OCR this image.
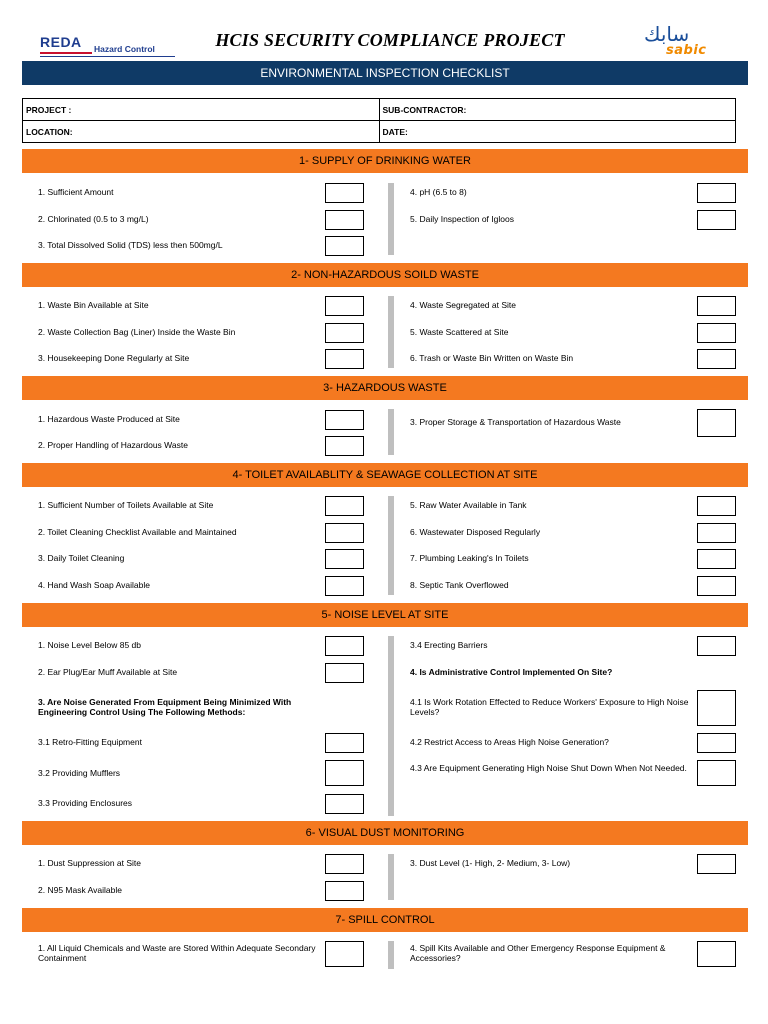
REDA Hazard Control	HCIS SECURITY COMPLIANCE PROJECT	سابك
sabic
ENVIRONMENTAL INSPECTION CHECKLIST
PROJECT :	SUB-CONTRACTOR:
LOCATION:	DATE:
1- SUPPLY OF DRINKING WATER
1. Sufficient Amount
2. Chlorinated (0.5 to 3 mg/L)
3. Total Dissolved Solid (TDS) less then 500mg/L
4. pH (6.5 to 8)
5. Daily Inspection of Igloos
2- NON-HAZARDOUS SOILD WASTE
1. Waste Bin Available at Site
2. Waste Collection Bag (Liner) Inside the Waste Bin
3. Housekeeping Done Regularly at Site
4. Waste Segregated at Site
5. Waste Scattered at Site
6. Trash or Waste Bin Written on Waste Bin
3- HAZARDOUS WASTE
1. Hazardous Waste Produced at Site
2. Proper Handling of Hazardous Waste
3. Proper Storage & Transportation of Hazardous Waste
4- TOILET AVAILABLITY & SEAWAGE COLLECTION AT SITE
1. Sufficient Number of Toilets Available at Site
2. Toilet Cleaning Checklist Available and Maintained
3. Daily Toilet Cleaning
4. Hand Wash Soap Available
5. Raw Water Available in Tank
6. Wastewater Disposed Regularly
7. Plumbing Leaking's In Toilets
8. Septic Tank Overflowed
5- NOISE LEVEL AT SITE
1. Noise Level Below 85 db
2. Ear Plug/Ear Muff Available at Site
3. Are Noise Generated From Equipment Being Minimized With Engineering Control Using The Following Methods:
3.1 Retro-Fitting Equipment
3.2 Providing Mufflers
3.3 Providing Enclosures
3.4 Erecting Barriers
4. Is Administrative Control Implemented On Site?
4.1 Is Work Rotation Effected to Reduce Workers' Exposure to High Noise Levels?
4.2 Restrict Access to Areas High Noise Generation?
4.3 Are Equipment Generating High Noise Shut Down When Not Needed.
6- VISUAL DUST MONITORING
1. Dust Suppression at Site
2. N95 Mask Available
3. Dust Level (1- High, 2- Medium, 3- Low)
7- SPILL CONTROL
1. All Liquid Chemicals and Waste are Stored Within Adequate Secondary Containment
4. Spill Kits Available and Other Emergency Response Equipment & Accessories?
